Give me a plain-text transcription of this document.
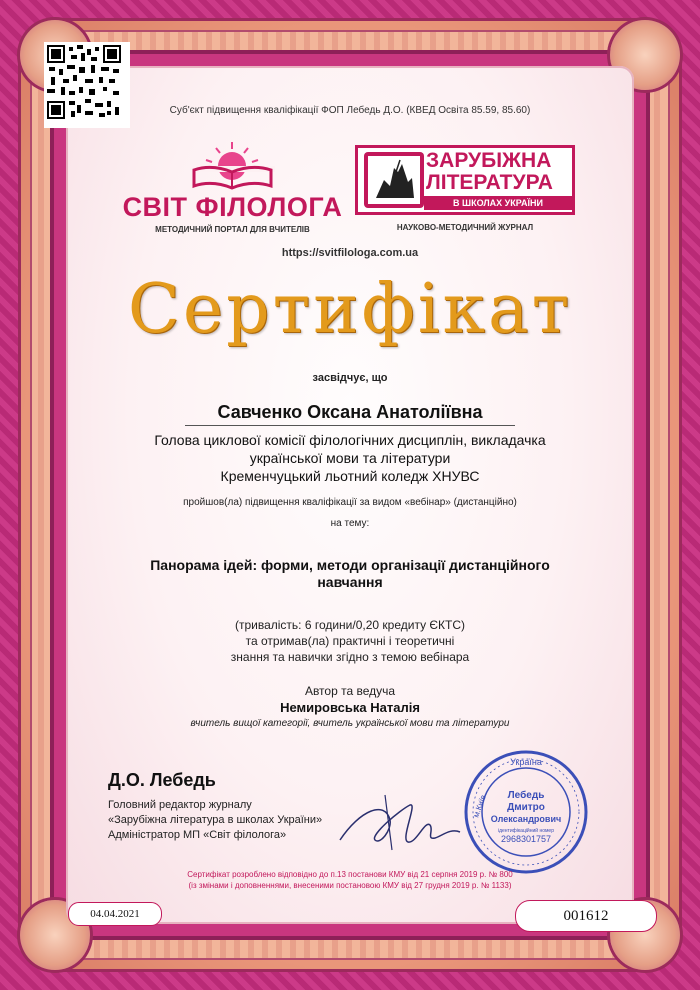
Суб'єкт підвищення кваліфікації ФОП Лебедь Д.О. (КВЕД Освіта 85.59, 85.60)
СВІТ ФІЛОЛОГА
МЕТОДИЧНИЙ ПОРТАЛ ДЛЯ ВЧИТЕЛІВ
ЗАРУБІЖНА
ЛІТЕРАТУРА
В ШКОЛАХ УКРАЇНИ
НАУКОВО-МЕТОДИЧНИЙ ЖУРНАЛ
https://svitfilologa.com.ua
Сертифікат
засвідчує, що
Савченко Оксана Анатоліївна
Голова циклової комісії філологічних дисциплін, викладачка
української мови та літератури
Кременчуцький льотний коледж ХНУВС
пройшов(ла) підвищення кваліфікації за видом «вебінар» (дистанційно)
на тему:
Панорама ідей: форми, методи організації дистанційного навчання
(тривалість: 6 години/0,20 кредиту ЄКТС)
та отримав(ла) практичні і теоретичні
знання та навички згідно з темою вебінара
Автор та ведуча
Немировська Наталія
вчитель вищої категорії, вчитель української мови та літератури
Д.О. Лебедь
Головний редактор журналу
«Зарубіжна література в школах України»
Адміністратор МП «Світ філолога»
Україна
м.Київ Лебедь
Дмитро
Олександрович
ідентифікаційний номер
2968301757
Сертифікат розроблено відповідно до п.13 постанови КМУ від 21 серпня 2019 р. № 800
(із змінами і доповненнями, внесеними постановою КМУ від 27 грудня 2019 р. № 1133)
04.04.2021	001612
